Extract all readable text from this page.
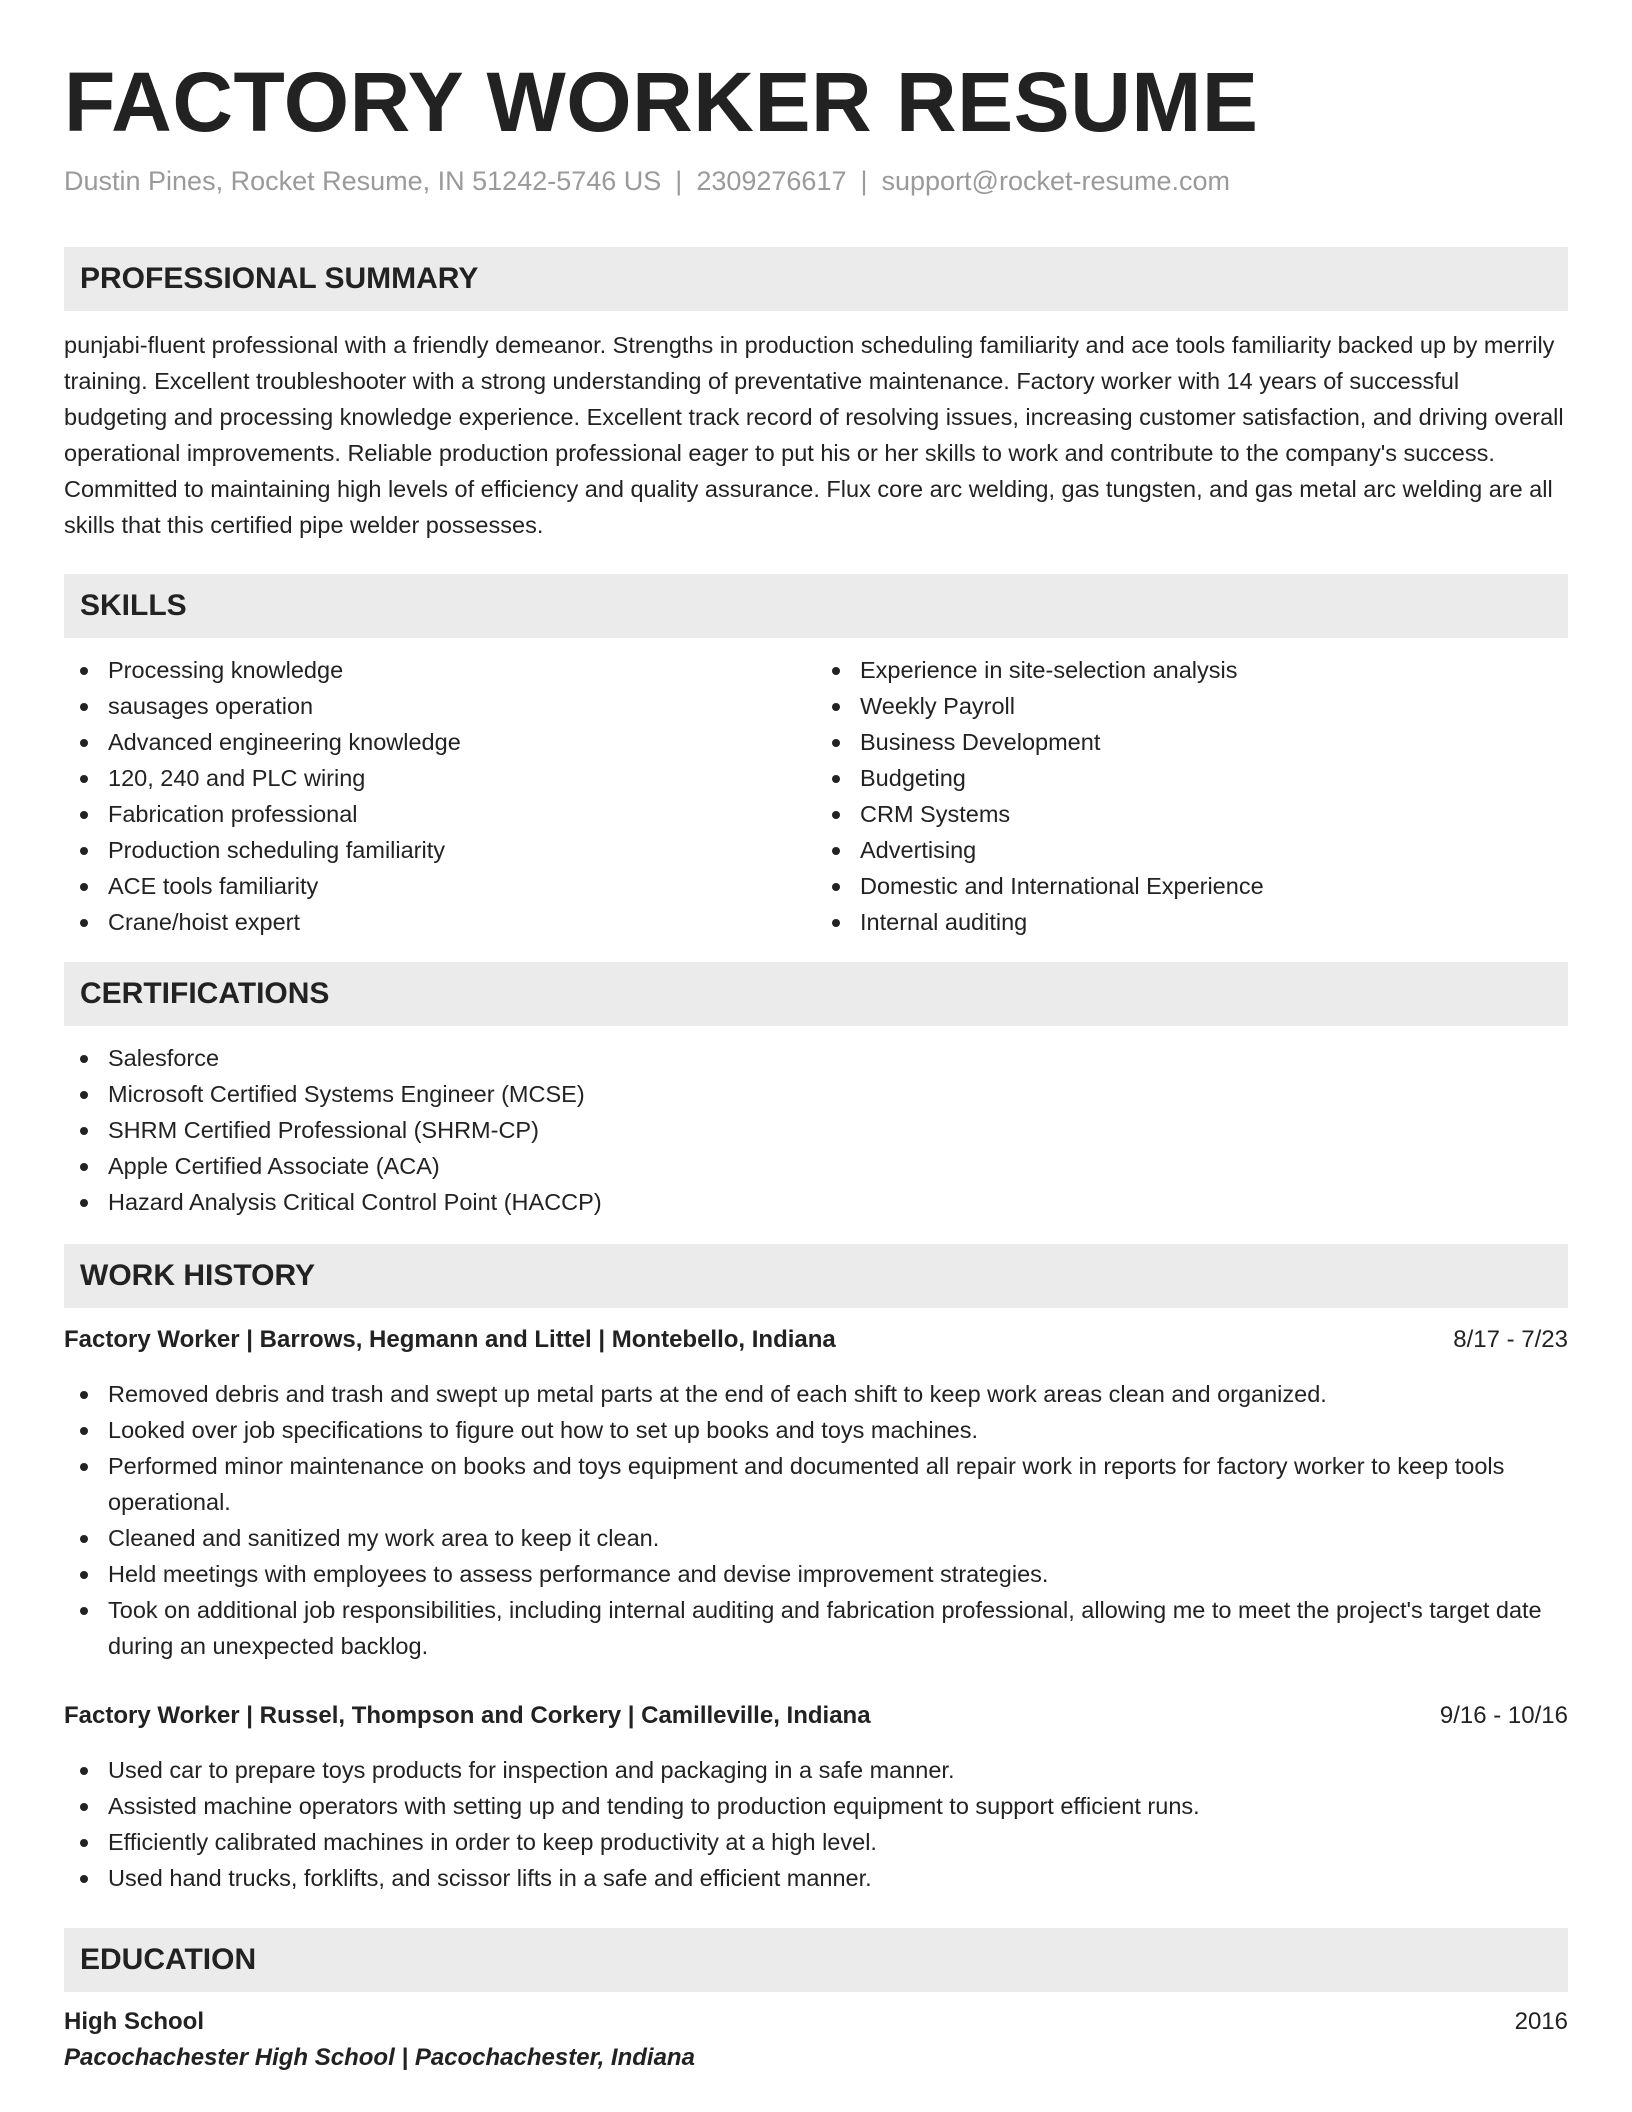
FACTORY WORKER RESUME
Dustin Pines, Rocket Resume, IN 51242-5746 US | 2309276617 | support@rocket-resume.com
PROFESSIONAL SUMMARY

punjabi-fluent professional with a friendly demeanor. Strengths in production scheduling familiarity and ace tools familiarity backed up by merrily training. Excellent troubleshooter with a strong understanding of preventative maintenance. Factory worker with 14 years of successful budgeting and processing knowledge experience. Excellent track record of resolving issues, increasing customer satisfaction, and driving overall operational improvements. Reliable production professional eager to put his or her skills to work and contribute to the company's success. Committed to maintaining high levels of efficiency and quality assurance. Flux core arc welding, gas tungsten, and gas metal arc welding are all skills that this certified pipe welder possesses.

SKILLS
Processing knowledge
sausages operation
Advanced engineering knowledge
120, 240 and PLC wiring
Fabrication professional
Production scheduling familiarity
ACE tools familiarity
Crane/hoist expert
Experience in site-selection analysis
Weekly Payroll
Business Development
Budgeting
CRM Systems
Advertising
Domestic and International Experience
Internal auditing
CERTIFICATIONS
Salesforce
Microsoft Certified Systems Engineer (MCSE)
SHRM Certified Professional (SHRM-CP)
Apple Certified Associate (ACA)
Hazard Analysis Critical Control Point (HACCP)
WORK HISTORY
Factory Worker | Barrows, Hegmann and Littel | Montebello, Indiana	8/17 - 7/23
Removed debris and trash and swept up metal parts at the end of each shift to keep work areas clean and organized.
Looked over job specifications to figure out how to set up books and toys machines.
Performed minor maintenance on books and toys equipment and documented all repair work in reports for factory worker to keep tools operational.
Cleaned and sanitized my work area to keep it clean.
Held meetings with employees to assess performance and devise improvement strategies.
Took on additional job responsibilities, including internal auditing and fabrication professional, allowing me to meet the project's target date during an unexpected backlog.
Factory Worker | Russel, Thompson and Corkery | Camilleville, Indiana	9/16 - 10/16
Used car to prepare toys products for inspection and packaging in a safe manner.
Assisted machine operators with setting up and tending to production equipment to support efficient runs.
Efficiently calibrated machines in order to keep productivity at a high level.
Used hand trucks, forklifts, and scissor lifts in a safe and efficient manner.
EDUCATION
High School	2016
Pacochachester High School | Pacochachester, Indiana
